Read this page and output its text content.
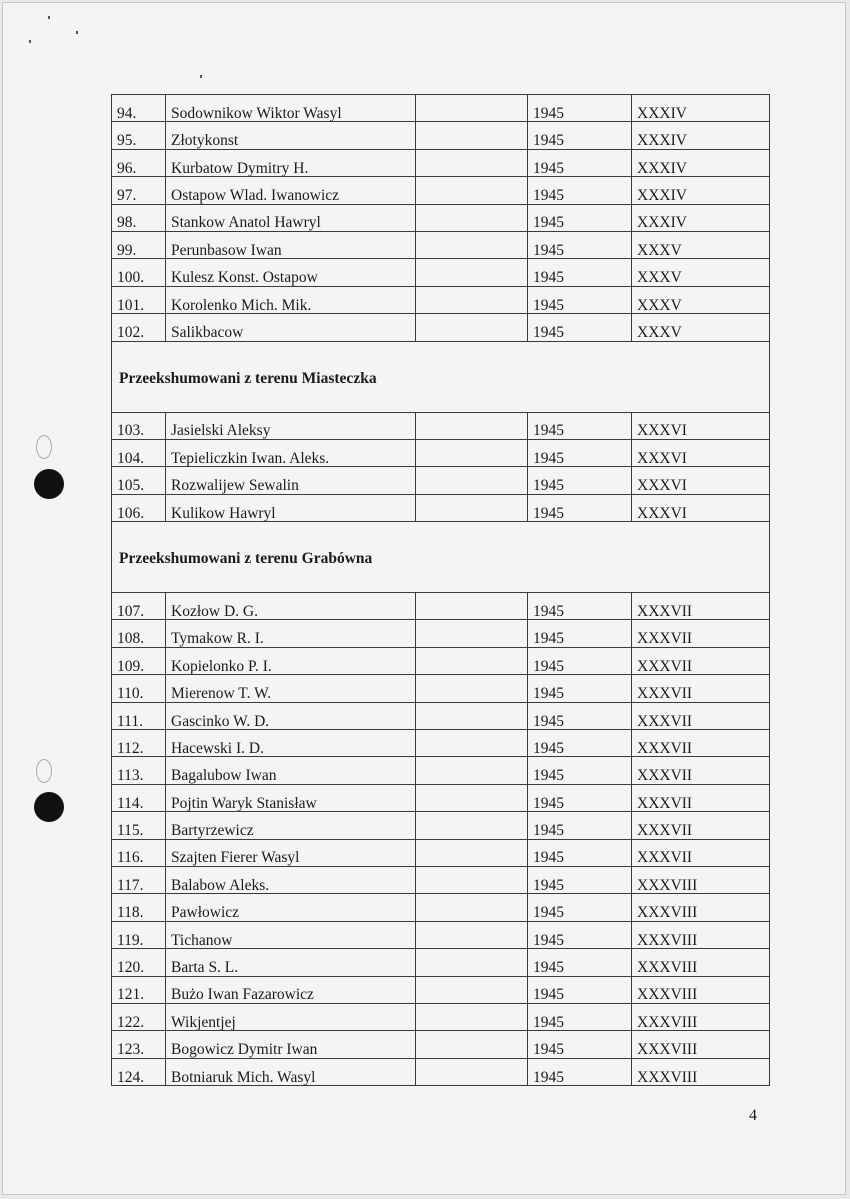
94.	Sodownikow Wiktor Wasyl		1945	XXXIV
95.	Złotykonst		1945	XXXIV
96.	Kurbatow Dymitry H.		1945	XXXIV
97.	Ostapow Wlad. Iwanowicz		1945	XXXIV
98.	Stankow Anatol Hawryl		1945	XXXIV
99.	Perunbasow Iwan		1945	XXXV
100.	Kulesz Konst. Ostapow		1945	XXXV
101.	Korolenko Mich. Mik.		1945	XXXV
102.	Salikbacow		1945	XXXV
Przeekshumowani z terenu Miasteczka				
103.	Jasielski Aleksy		1945	XXXVI
104.	Tepieliczkin Iwan. Aleks.		1945	XXXVI
105.	Rozwalijew Sewalin		1945	XXXVI
106.	Kulikow Hawryl		1945	XXXVI
Przeekshumowani z terenu Grabówna				
107.	Kozłow D. G.		1945	XXXVII
108.	Tymakow R. I.		1945	XXXVII
109.	Kopielonko P. I.		1945	XXXVII
110.	Mierenow T. W.		1945	XXXVII
111.	Gascinko W. D.		1945	XXXVII
112.	Hacewski I. D.		1945	XXXVII
113.	Bagalubow Iwan		1945	XXXVII
114.	Pojtin Waryk Stanisław		1945	XXXVII
115.	Bartyrzewicz		1945	XXXVII
116.	Szajten Fierer Wasyl		1945	XXXVII
117.	Balabow Aleks.		1945	XXXVIII
118.	Pawłowicz		1945	XXXVIII
119.	Tichanow		1945	XXXVIII
120.	Barta S. L.		1945	XXXVIII
121.	Bużo Iwan Fazarowicz		1945	XXXVIII
122.	Wikjentjej		1945	XXXVIII
123.	Bogowicz Dymitr Iwan		1945	XXXVIII
124.	Botniaruk Mich. Wasyl		1945	XXXVIII
4
